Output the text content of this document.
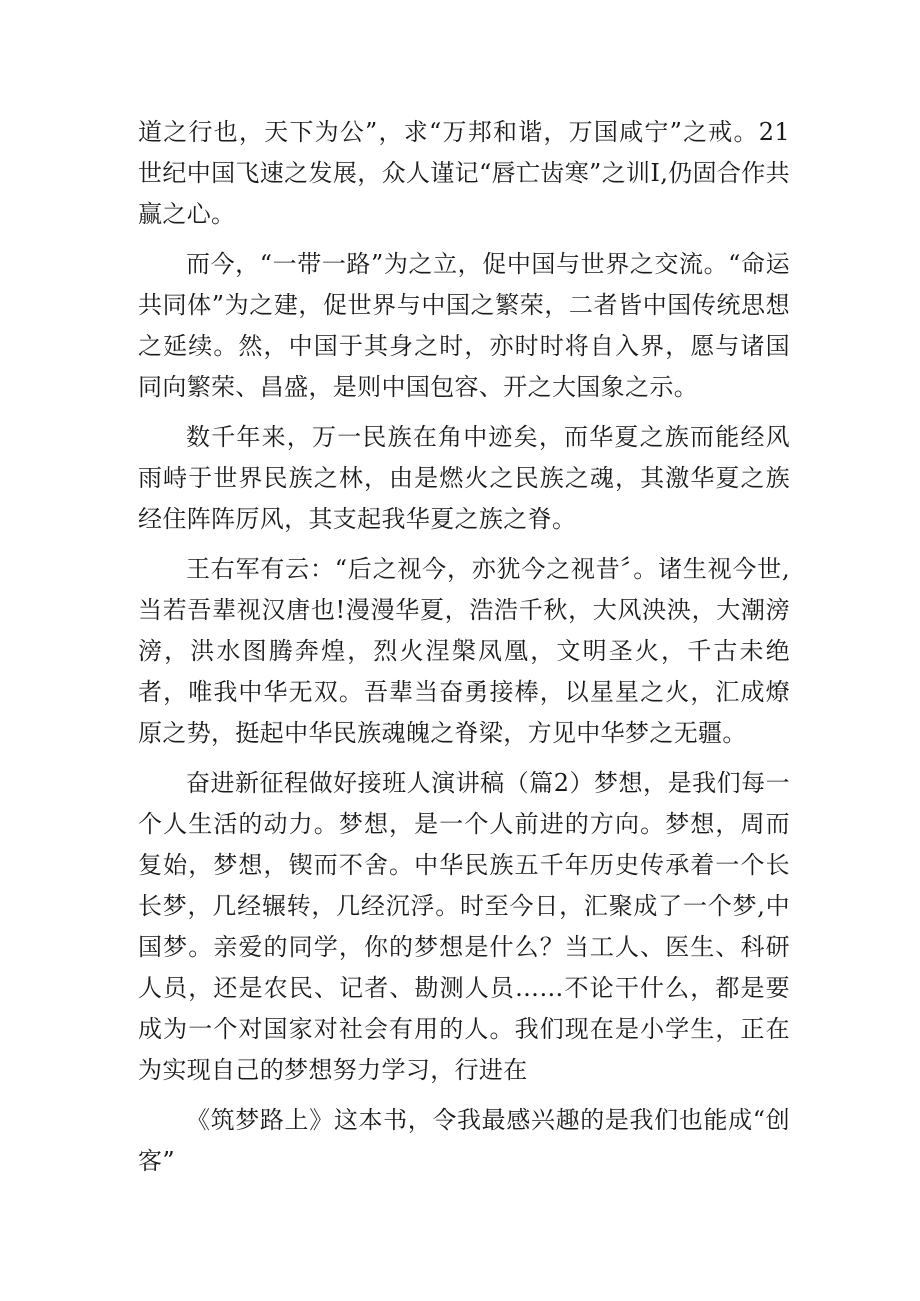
道之行也，天下为公”，求“万邦和谐，万国咸宁”之戒。21世纪中国飞速之发展，众人谨记“唇亡齿寒”之训I,仍固合作共赢之心。

而今，“一带一路”为之立，促中国与世界之交流。“命运共同体”为之建，促世界与中国之繁荣，二者皆中国传统思想之延续。然，中国于其身之时，亦时时将自入界，愿与诸国同向繁荣、昌盛，是则中国包容、开之大国象之示。

数千年来，万一民族在角中迹矣，而华夏之族而能经风雨峙于世界民族之林，由是燃火之民族之魂，其激华夏之族经住阵阵厉风，其支起我华夏之族之脊。

王右军有云：“后之视今，亦犹今之视昔〞。诸生视今世,当若吾辈视汉唐也!漫漫华夏，浩浩千秋，大风泱泱，大潮滂滂，洪水图腾奔煌，烈火涅槃凤凰，文明圣火，千古未绝者，唯我中华无双。吾辈当奋勇接棒，以星星之火，汇成燎原之势，挺起中华民族魂魄之脊梁，方见中华梦之无疆。

奋进新征程做好接班人演讲稿（篇2）梦想，是我们每一个人生活的动力。梦想，是一个人前进的方向。梦想，周而复始，梦想，锲而不舍。中华民族五千年历史传承着一个长长梦，几经辗转，几经沉浮。时至今日，汇聚成了一个梦,中国梦。亲爱的同学，你的梦想是什么？当工人、医生、科研人员，还是农民、记者、勘测人员……不论干什么，都是要成为一个对国家对社会有用的人。我们现在是小学生，正在为实现自己的梦想努力学习，行进在

《筑梦路上》这本书，令我最感兴趣的是我们也能成“创客”
